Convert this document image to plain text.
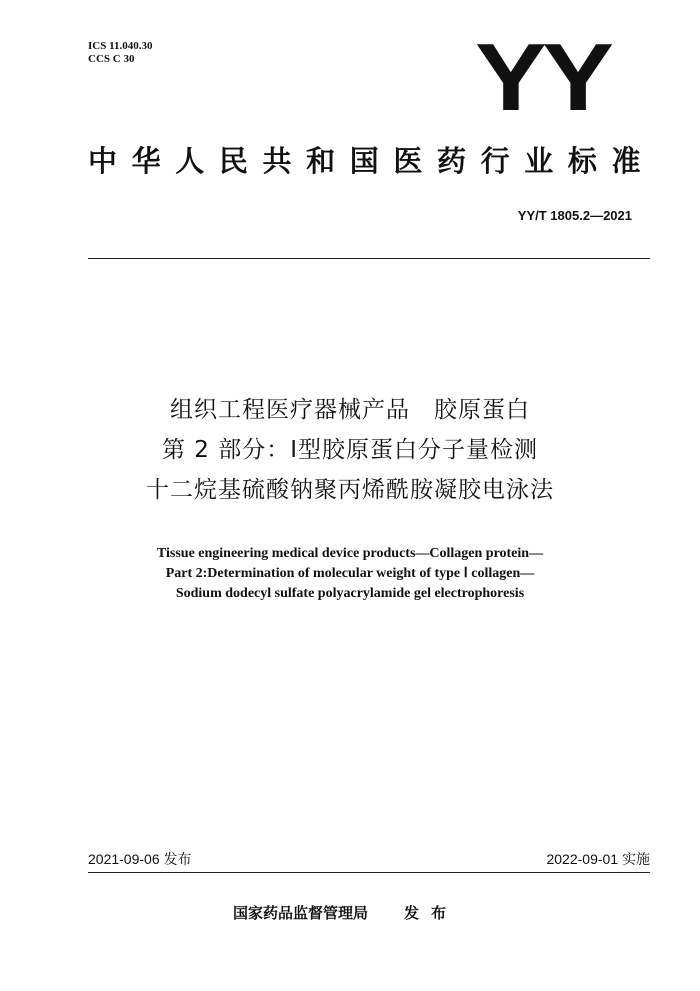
ICS 11.040.30
CCS C 30	YY
中华人民共和国医药行业标准
YY/T 1805.2—2021
组织工程医疗器械产品　胶原蛋白
第 2 部分：Ⅰ型胶原蛋白分子量检测
十二烷基硫酸钠聚丙烯酰胺凝胶电泳法
Tissue engineering medical device products—Collagen protein—
Part 2:Determination of molecular weight of type Ⅰ collagen—
Sodium dodecyl sulfate polyacrylamide gel electrophoresis
2021-09-06 发布	2022-09-01 实施
国家药品监督管理局 发布
